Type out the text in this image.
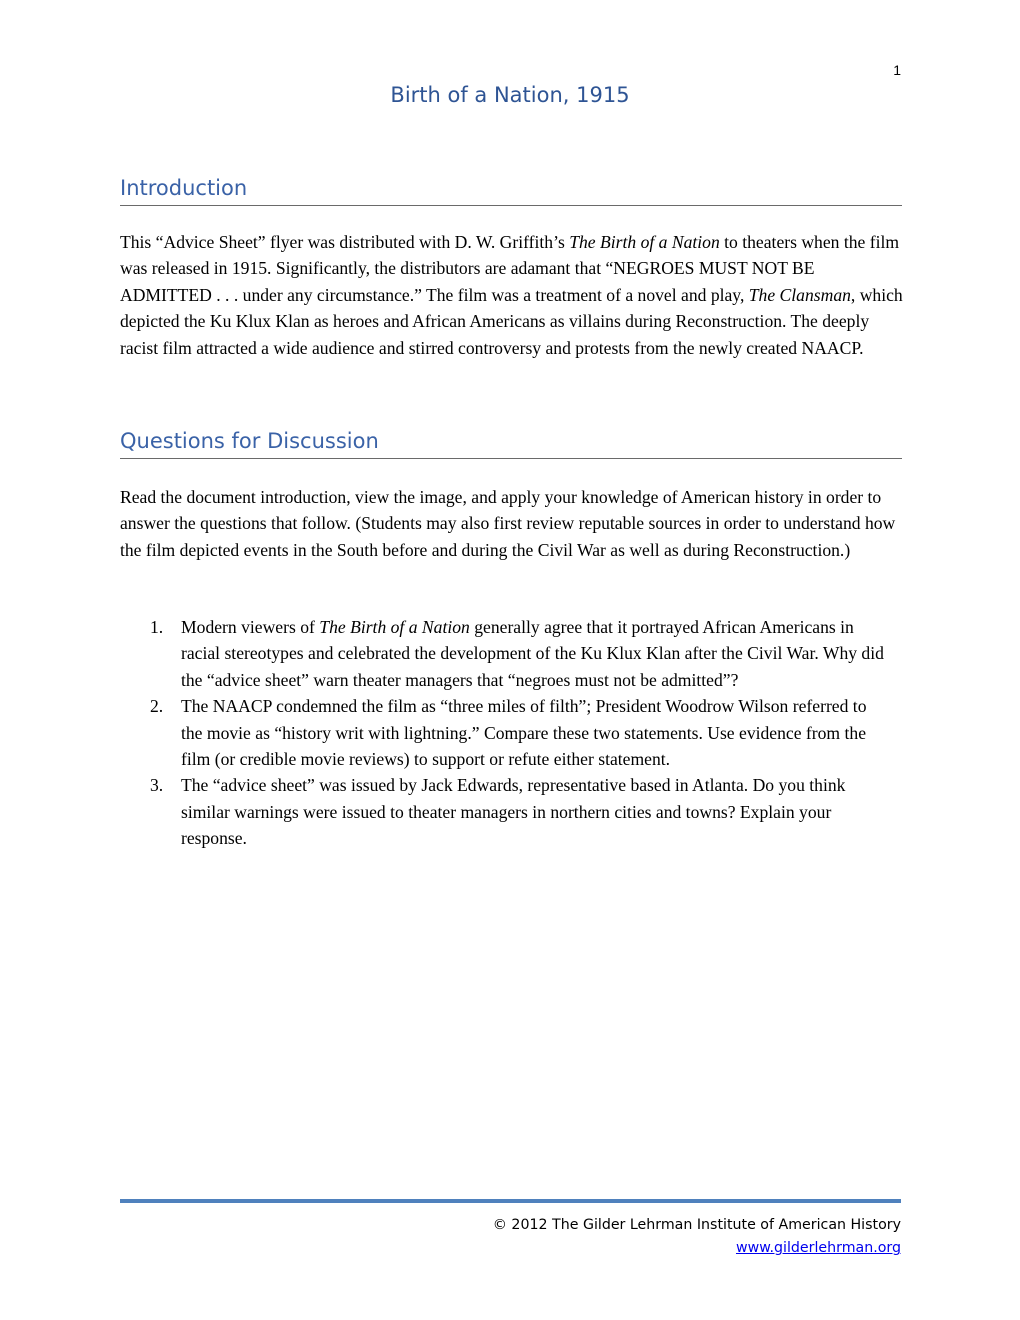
1
Birth of a Nation, 1915
Introduction

This “Advice Sheet” flyer was distributed with D. W. Griffith’s The Birth of a Nation to theaters when the film was released in 1915. Significantly, the distributors are adamant that “NEGROES MUST NOT BE ADMITTED . . . under any circumstance.” The film was a treatment of a novel and play, The Clansman, which depicted the Ku Klux Klan as heroes and African Americans as villains during Reconstruction. The deeply racist film attracted a wide audience and stirred controversy and protests from the newly created NAACP.

Questions for Discussion

Read the document introduction, view the image, and apply your knowledge of American history in order to answer the questions that follow. (Students may also first review reputable sources in order to understand how the film depicted events in the South before and during the Civil War as well as during Reconstruction.)

1. Modern viewers of The Birth of a Nation generally agree that it portrayed African Americans in racial stereotypes and celebrated the development of the Ku Klux Klan after the Civil War. Why did the “advice sheet” warn theater managers that “negroes must not be admitted”?
2. The NAACP condemned the film as “three miles of filth”; President Woodrow Wilson referred to the movie as “history writ with lightning.” Compare these two statements. Use evidence from the film (or credible movie reviews) to support or refute either statement.
3. The “advice sheet” was issued by Jack Edwards, representative based in Atlanta. Do you think similar warnings were issued to theater managers in northern cities and towns? Explain your response.
© 2012 The Gilder Lehrman Institute of American History
www.gilderlehrman.org
